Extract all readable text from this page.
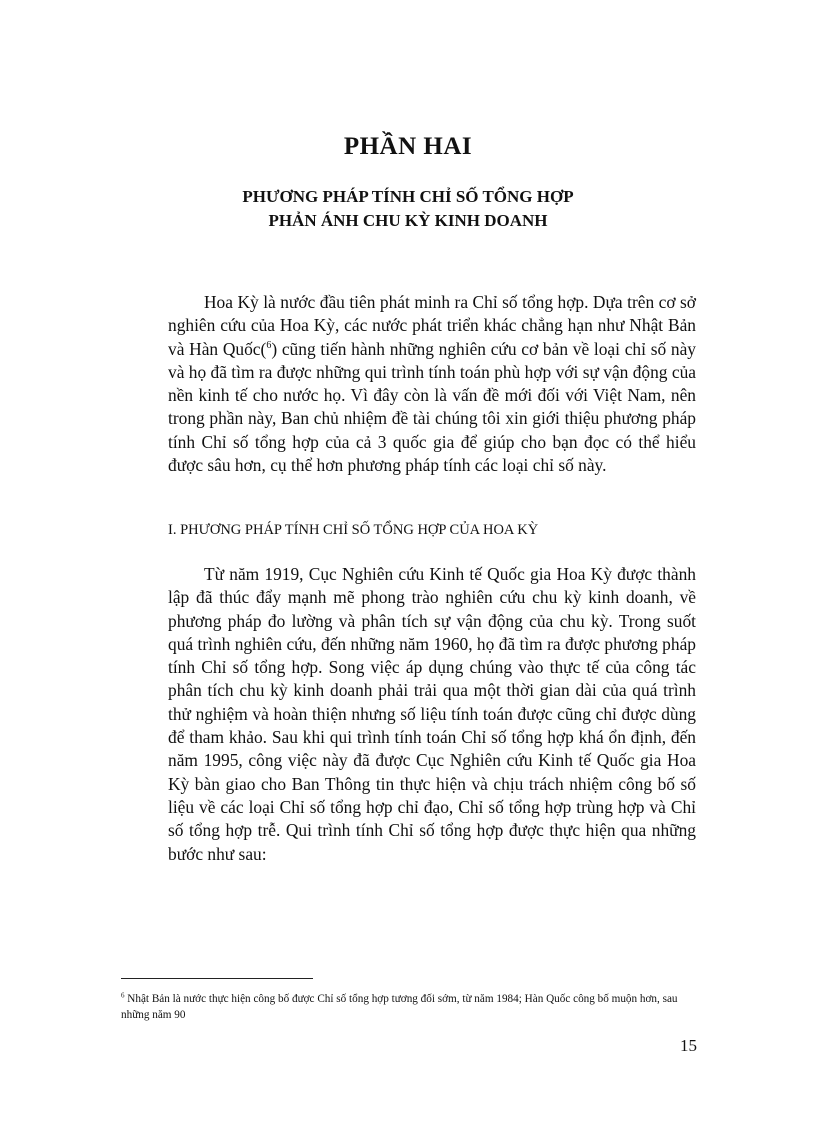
PHẦN HAI
PHƯƠNG PHÁP TÍNH CHỈ SỐ TỔNG HỢP
PHẢN ÁNH CHU KỲ KINH DOANH

Hoa Kỳ là nước đầu tiên phát minh ra Chỉ số tổng hợp. Dựa trên cơ sở nghiên cứu của Hoa Kỳ, các nước phát triển khác chẳng hạn như Nhật Bản và Hàn Quốc($^6$) cũng tiến hành những nghiên cứu cơ bản về loại chỉ số này và họ đã tìm ra được những qui trình tính toán phù hợp với sự vận động của nền kinh tế cho nước họ. Vì đây còn là vấn đề mới đối với Việt Nam, nên trong phần này, Ban chủ nhiệm đề tài chúng tôi xin giới thiệu phương pháp tính Chỉ số tổng hợp của cả 3 quốc gia để giúp cho bạn đọc có thể hiểu được sâu hơn, cụ thể hơn phương pháp tính các loại chỉ số này.

I. PHƯƠNG PHÁP TÍNH CHỈ SỐ TỔNG HỢP CỦA HOA KỲ

Từ năm 1919, Cục Nghiên cứu Kinh tế Quốc gia Hoa Kỳ được thành lập đã thúc đẩy mạnh mẽ phong trào nghiên cứu chu kỳ kinh doanh, về phương pháp đo lường và phân tích sự vận động của chu kỳ. Trong suốt quá trình nghiên cứu, đến những năm 1960, họ đã tìm ra được phương pháp tính Chỉ số tổng hợp. Song việc áp dụng chúng vào thực tế của công tác phân tích chu kỳ kinh doanh phải trải qua một thời gian dài của quá trình thử nghiệm và hoàn thiện nhưng số liệu tính toán được cũng chỉ được dùng để tham khảo. Sau khi qui trình tính toán Chỉ số tổng hợp khá ổn định, đến năm 1995, công việc này đã được Cục Nghiên cứu Kinh tế Quốc gia Hoa Kỳ bàn giao cho Ban Thông tin thực hiện và chịu trách nhiệm công bố số liệu về các loại Chỉ số tổng hợp chỉ đạo, Chỉ số tổng hợp trùng hợp và Chỉ số tổng hợp trễ. Qui trình tính Chỉ số tổng hợp được thực hiện qua những bước như sau:

$^6$ Nhật Bản là nước thực hiện công bố được Chỉ số tổng hợp tương đối sớm, từ năm 1984; Hàn Quốc công bố muộn hơn, sau những năm 90

15
